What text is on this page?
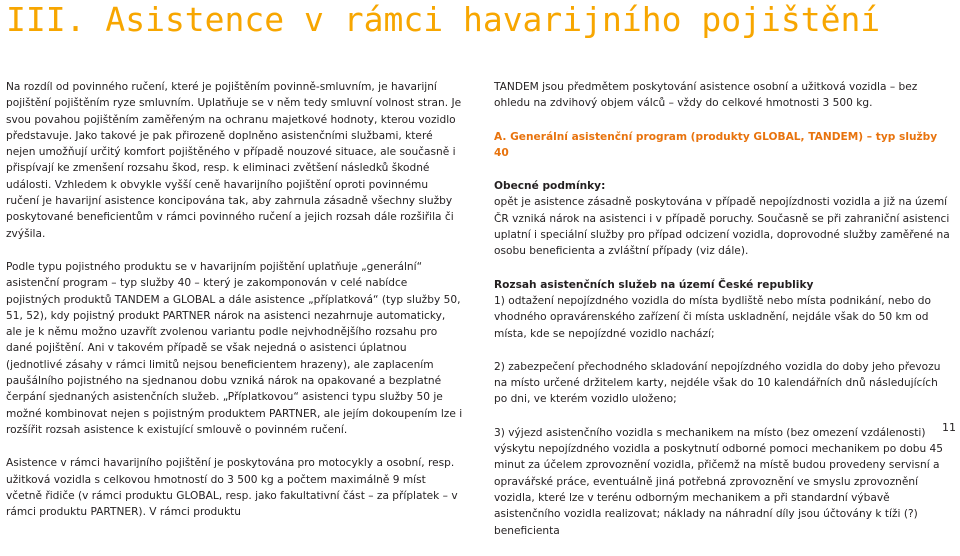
III. Asistence v rámci havarijního pojištění

Na rozdíl od povinného ručení, které je pojištěním povinně-smluvním, je havarijní pojištění pojištěním ryze smluvním. Uplatňuje se v něm tedy smluvní volnost stran. Je svou povahou pojištěním zaměřeným na ochranu majetkové hodnoty, kterou vozidlo představuje. Jako takové je pak přirozeně doplněno asistenčními službami, které nejen umožňují určitý komfort pojištěného v případě nouzové situace, ale současně i přispívají ke zmenšení rozsahu škod, resp. k eliminaci zvětšení následků škodné události. Vzhledem k obvykle vyšší ceně havarijního pojištění oproti povinnému ručení je havarijní asistence koncipována tak, aby zahrnula zásadně všechny služby poskytované beneficientům v rámci povinného ručení a jejich rozsah dále rozšiřila či zvýšila.

Podle typu pojistného produktu se v havarijním pojištění uplatňuje „generální“ asistenční program – typ služby 40 – který je zakomponován v celé nabídce pojistných produktů TANDEM a GLOBAL a dále asistence „příplatková“ (typ služby 50, 51, 52), kdy pojistný produkt PARTNER nárok na asistenci nezahrnuje automaticky, ale je k němu možno uzavřít zvolenou variantu podle nejvhodnějšího rozsahu pro dané pojištění. Ani v takovém případě se však nejedná o asistenci úplatnou (jednotlivé zásahy v rámci limitů nejsou beneficientem hrazeny), ale zaplacením paušálního pojistného na sjednanou dobu vzniká nárok na opakované a bezplatné čerpání sjednaných asistenčních služeb. „Příplatkovou“ asistenci typu služby 50 je možné kombinovat nejen s pojistným produktem PARTNER, ale jejím dokoupením lze i rozšířit rozsah asistence k existující smlouvě o povinném ručení.

Asistence v rámci havarijního pojištění je poskytována pro motocykly a osobní, resp. užitková vozidla s celkovou hmotností do 3 500 kg a počtem maximálně 9 míst včetně řidiče (v rámci produktu GLOBAL, resp. jako fakultativní část – za příplatek – v rámci produktu PARTNER). V rámci produktu

TANDEM jsou předmětem poskytování asistence osobní a užitková vozidla – bez ohledu na zdvihový objem válců – vždy do celkové hmotnosti 3 500 kg.

A. Generální asistenční program (produkty GLOBAL, TANDEM) – typ služby 40
Obecné podmínky:

opět je asistence zásadně poskytována v případě nepojízdnosti vozidla a již na území ČR vzniká nárok na asistenci i v případě poruchy. Současně se při zahraniční asistenci uplatní i speciální služby pro případ odcizení vozidla, doprovodné služby zaměřené na osobu beneficienta a zvláštní případy (viz dále).

Rozsah asistenčních služeb na území České republiky

1) odtažení nepojízdného vozidla do místa bydliště nebo místa podnikání, nebo do vhodného opravárenského zařízení či místa uskladnění, nejdále však do 50 km od místa, kde se nepojízdné vozidlo nachází;

2) zabezpečení přechodného skladování nepojízdného vozidla do doby jeho převozu na místo určené držitelem karty, nejdéle však do 10 kalendářních dnů následujících po dni, ve kterém vozidlo uloženo;

3) výjezd asistenčního vozidla s mechanikem na místo (bez omezení vzdálenosti) výskytu nepojízdného vozidla a poskytnutí odborné pomoci mechanikem po dobu 45 minut za účelem zprovoznění vozidla, přičemž na místě budou provedeny servisní a opravářské práce, eventuálně jiná potřebná zprovoznění ve smyslu zprovoznění vozidla, které lze v terénu odborným mechanikem a při standardní výbavě asistenčního vozidla realizovat; náklady na náhradní díly jsou účtovány k tíži (?) beneficienta

11
